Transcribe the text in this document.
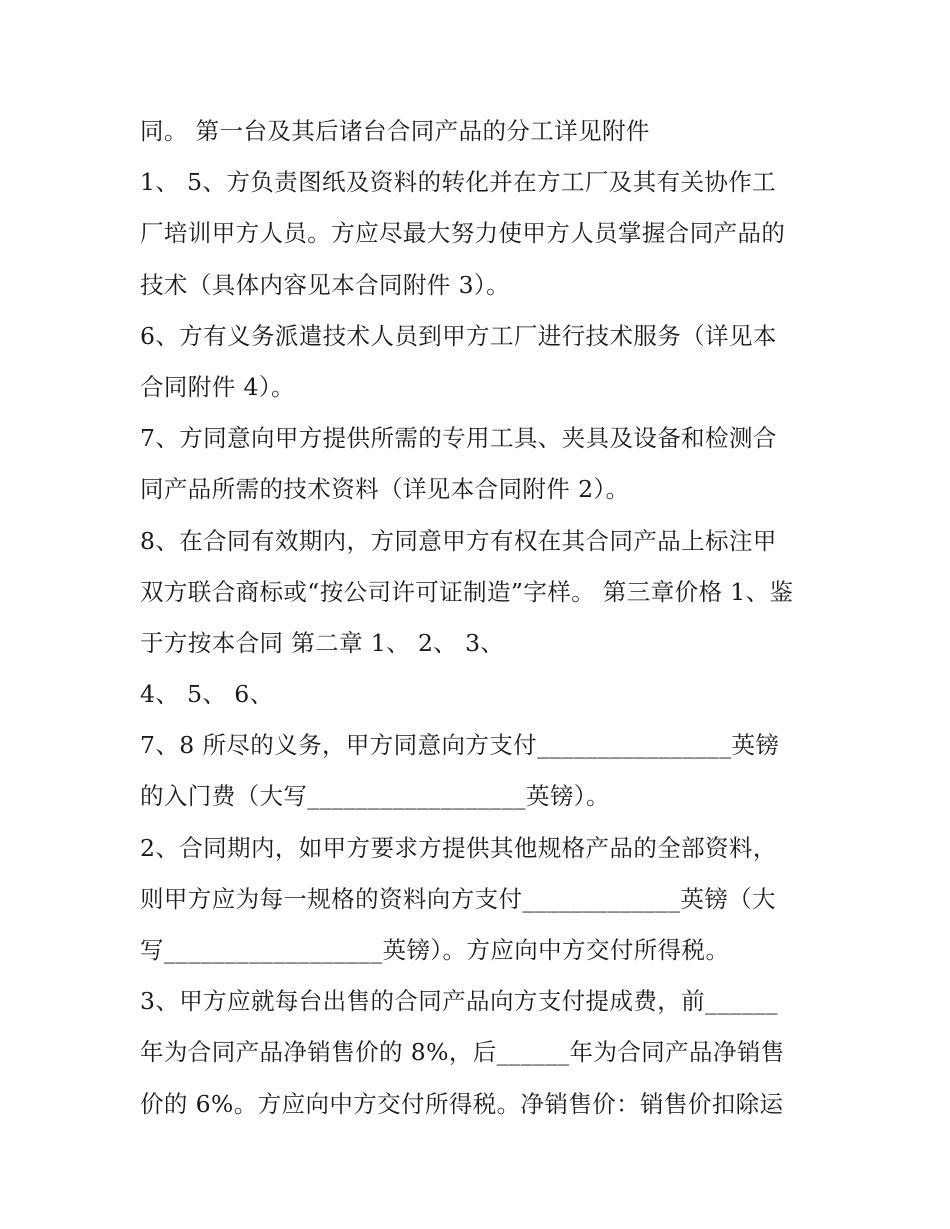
同。 第一台及其后诸台合同产品的分工详见附件
1、 5、方负责图纸及资料的转化并在方工厂及其有关协作工
厂培训甲方人员。方应尽最大努力使甲方人员掌握合同产品的
技术（具体内容见本合同附件 3）。
6、方有义务派遣技术人员到甲方工厂进行技术服务（详见本
合同附件 4）。
7、方同意向甲方提供所需的专用工具、夹具及设备和检测合
同产品所需的技术资料（详见本合同附件 2）。
8、在合同有效期内，方同意甲方有权在其合同产品上标注甲
双方联合商标或“按公司许可证制造”字样。 第三章价格 1、鉴
于方按本合同 第二章 1、 2、 3、
4、 5、 6、
7、8 所尽的义务，甲方同意向方支付________________英镑
的入门费（大写__________________英镑）。
2、合同期内，如甲方要求方提供其他规格产品的全部资料，
则甲方应为每一规格的资料向方支付_____________英镑（大
写__________________英镑）。方应向中方交付所得税。
3、甲方应就每台出售的合同产品向方支付提成费，前______
年为合同产品净销售价的 8%，后______年为合同产品净销售
价的 6%。方应向中方交付所得税。净销售价：销售价扣除运
